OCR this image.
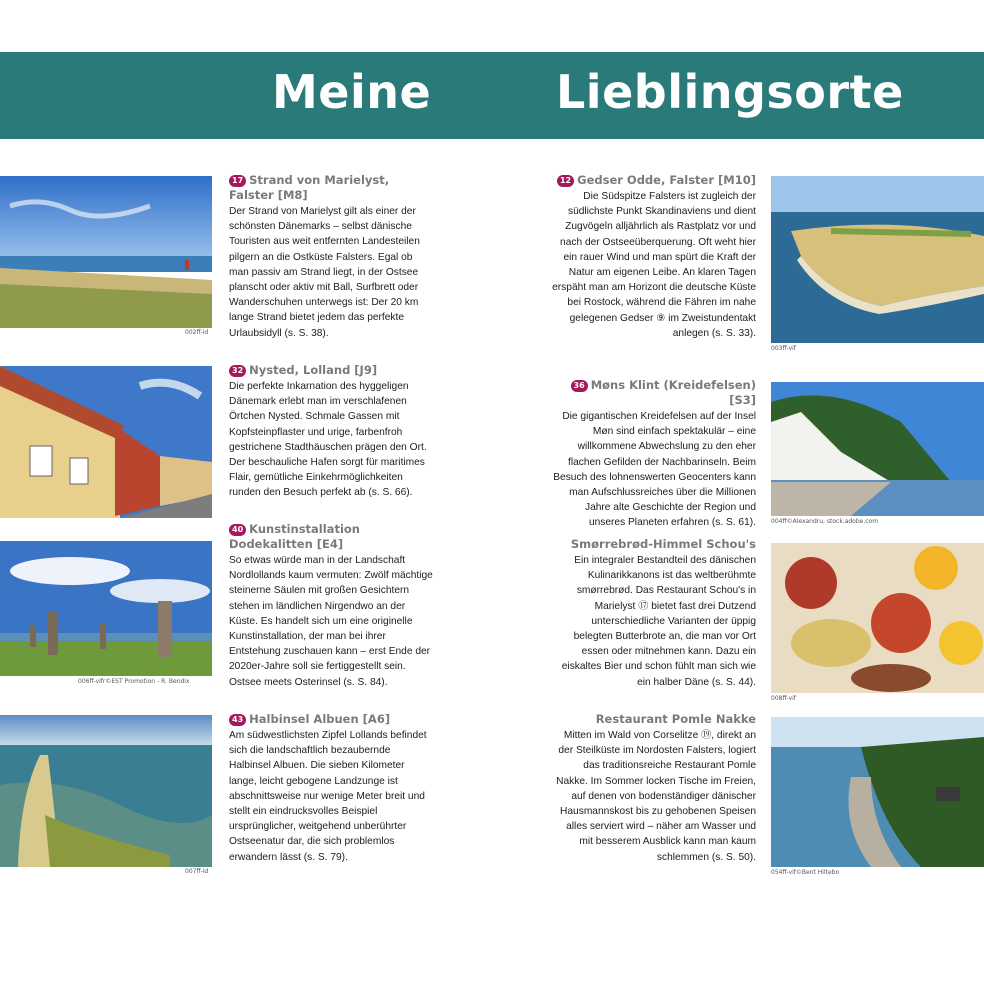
Meine	Lieblingsorte
002ff-id
006ff-vifr©EST Promotion - R. Bendix
007ff-id
17 Strand von Marielyst, Falster [M8]

Der Strand von Marielyst gilt als einer der schönsten Dänemarks – selbst dänische Touristen aus weit entfernten Landesteilen pilgern an die Ostküste Falsters. Egal ob man passiv am Strand liegt, in der Ostsee planscht oder aktiv mit Ball, Surfbrett oder Wanderschuhen unterwegs ist: Der 20 km lange Strand bietet jedem das perfekte Urlaubsidyll (s. S. 38).

32 Nysted, Lolland [J9]

Die perfekte Inkarnation des hyggeligen Dänemark erlebt man im verschlafenen Örtchen Nysted. Schmale Gassen mit Kopfsteinpflaster und urige, farbenfroh gestrichene Stadthäuschen prägen den Ort. Der beschauliche Hafen sorgt für maritimes Flair, gemütliche Einkehrmöglichkeiten runden den Besuch perfekt ab (s. S. 66).

40 Kunstinstallation Dodekalitten [E4]

So etwas würde man in der Landschaft Nordlollands kaum vermuten: Zwölf mächtige steinerne Säulen mit großen Gesichtern stehen im ländlichen Nirgendwo an der Küste. Es handelt sich um eine originelle Kunstinstallation, der man bei ihrer Entstehung zuschauen kann – erst Ende der 2020er-Jahre soll sie fertiggestellt sein. Ostsee meets Osterinsel (s. S. 84).

43 Halbinsel Albuen [A6]

Am südwestlichsten Zipfel Lollands befindet sich die landschaftlich bezaubernde Halbinsel Albuen. Die sieben Kilometer lange, leicht gebogene Landzunge ist abschnittsweise nur wenige Meter breit und stellt ein eindrucksvolles Beispiel ursprünglicher, weitgehend unberührter Ostseenatur dar, die sich problemlos erwandern lässt (s. S. 79).

12 Gedser Odde, Falster [M10]

Die Südspitze Falsters ist zugleich der südlichste Punkt Skandinaviens und dient Zugvögeln alljährlich als Rastplatz vor und nach der Ostseeüberquerung. Oft weht hier ein rauer Wind und man spürt die Kraft der Natur am eigenen Leibe. An klaren Tagen erspäht man am Horizont die deutsche Küste bei Rostock, während die Fähren im nahe gelegenen Gedser ⑨ im Zweistundentakt anlegen (s. S. 33).

36 Møns Klint (Kreidefelsen) [S3]

Die gigantischen Kreidefelsen auf der Insel Møn sind einfach spektakulär – eine willkommene Abwechslung zu den eher flachen Gefilden der Nachbarinseln. Beim Besuch des lohnenswerten Geocenters kann man Aufschlussreiches über die Millionen Jahre alte Geschichte der Region und unseres Planeten erfahren (s. S. 61).

Smørrebrød-Himmel Schou's

Ein integraler Bestandteil des dänischen Kulinarikkanons ist das weltberühmte smørrebrød. Das Restaurant Schou's in Marielyst ⑰ bietet fast drei Dutzend unterschiedliche Varianten der üppig belegten Butterbrote an, die man vor Ort essen oder mitnehmen kann. Dazu ein eiskaltes Bier und schon fühlt man sich wie ein halber Däne (s. S. 44).

Restaurant Pomle Nakke

Mitten im Wald von Corselitze ⑲, direkt an der Steilküste im Nordosten Falsters, logiert das traditionsreiche Restaurant Pomle Nakke. Im Sommer locken Tische im Freien, auf denen von bodenständiger dänischer Hausmannskost bis zu gehobenen Speisen alles serviert wird – näher am Wasser und mit besserem Ausblick kann man kaum schlemmen (s. S. 50).

003ff-vif
004ff©Alexandru, stock.adobe.com
008ff-vif
054ff-vif©Bent Hiltebo
